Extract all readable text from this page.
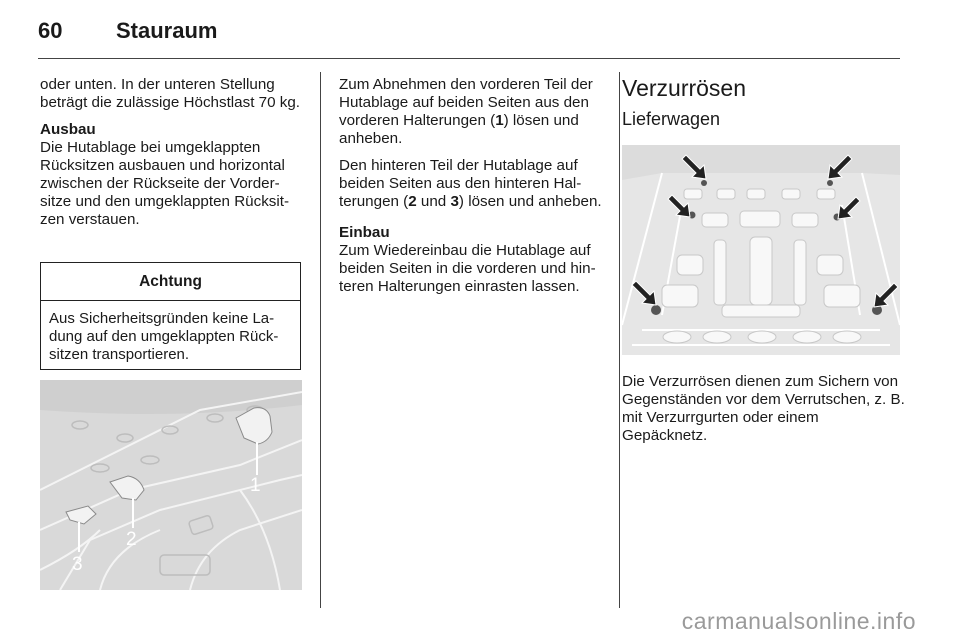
60	Stauraum

oder unten. In der unteren Stellung beträgt die zulässige Höchstlast 70 kg.

Ausbau

Die Hutablage bei umgeklappten Rücksitzen ausbauen und horizontal zwischen der Rückseite der Vordersitze und den umgeklappten Rücksitzen verstauen.

Achtung
Aus Sicherheitsgründen keine Ladung auf den umgeklappten Rücksitzen transportieren.
1
2
3

Zum Abnehmen den vorderen Teil der Hutablage auf beiden Seiten aus den vorderen Halterungen (1) lösen und anheben.

Den hinteren Teil der Hutablage auf beiden Seiten aus den hinteren Halterungen (2 und 3) lösen und anheben.

Einbau

Zum Wiedereinbau die Hutablage auf beiden Seiten in die vorderen und hinteren Halterungen einrasten lassen.

Verzurrösen
Lieferwagen

Die Verzurrösen dienen zum Sichern von Gegenständen vor dem Verrutschen, z. B. mit Verzurrgurten oder einem Gepäcknetz.

carmanualsonline.info
